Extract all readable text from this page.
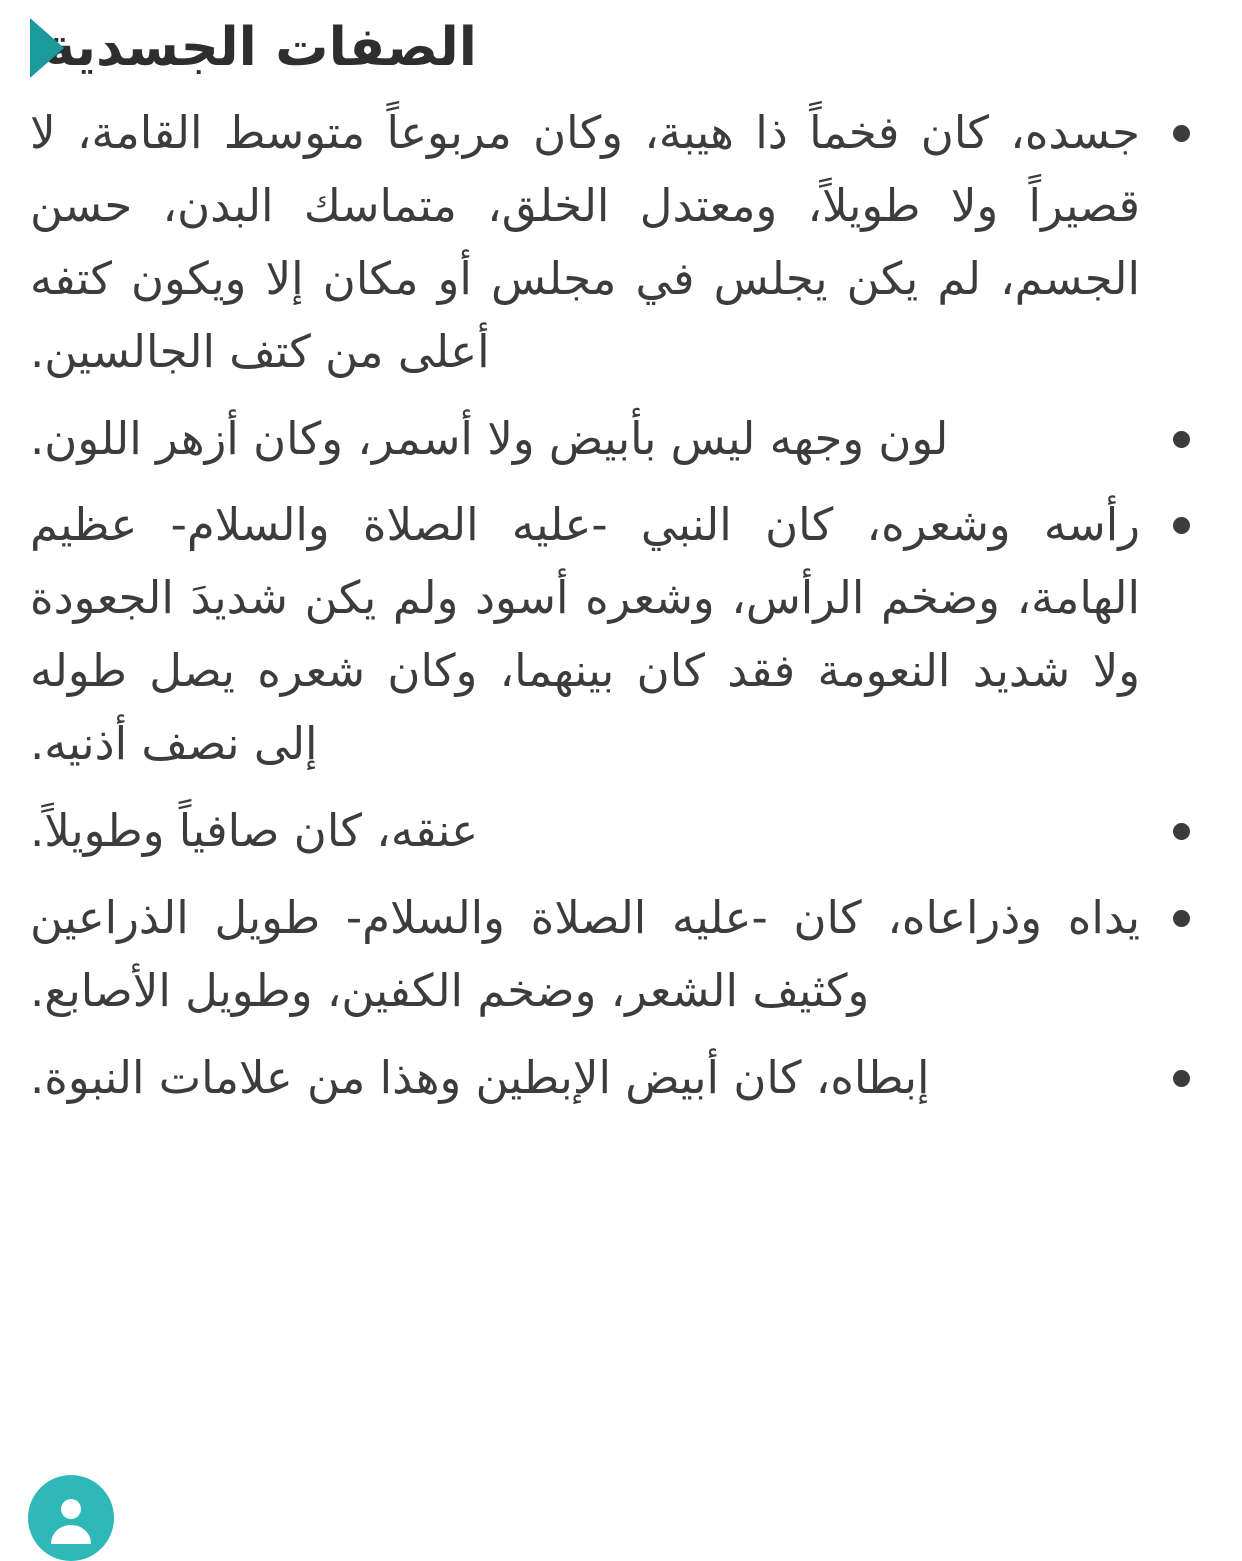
الصفات الجسدية
جسده، كان فخماً ذا هيبة، وكان مربوعاً متوسط القامة، لا قصيراً ولا طويلاً، ومعتدل الخلق، متماسك البدن، حسن الجسم، لم يكن يجلس في مجلس أو مكان إلا ويكون كتفه أعلى من كتف الجالسين.
لون وجهه ليس بأبيض ولا أسمر، وكان أزهر اللون.
رأسه وشعره، كان النبي -عليه الصلاة والسلام- عظيم الهامة، وضخم الرأس، وشعره أسود ولم يكن شديدَ الجعودة ولا شديد النعومة فقد كان بينهما، وكان شعره يصل طوله إلى نصف أذنيه.
عنقه، كان صافياً وطويلاً.
يداه وذراعاه، كان -عليه الصلاة والسلام- طويل الذراعين وكثيف الشعر، وضخم الكفين، وطويل الأصابع.
إبطاه، كان أبيض الإبطين وهذا من علامات النبوة.
